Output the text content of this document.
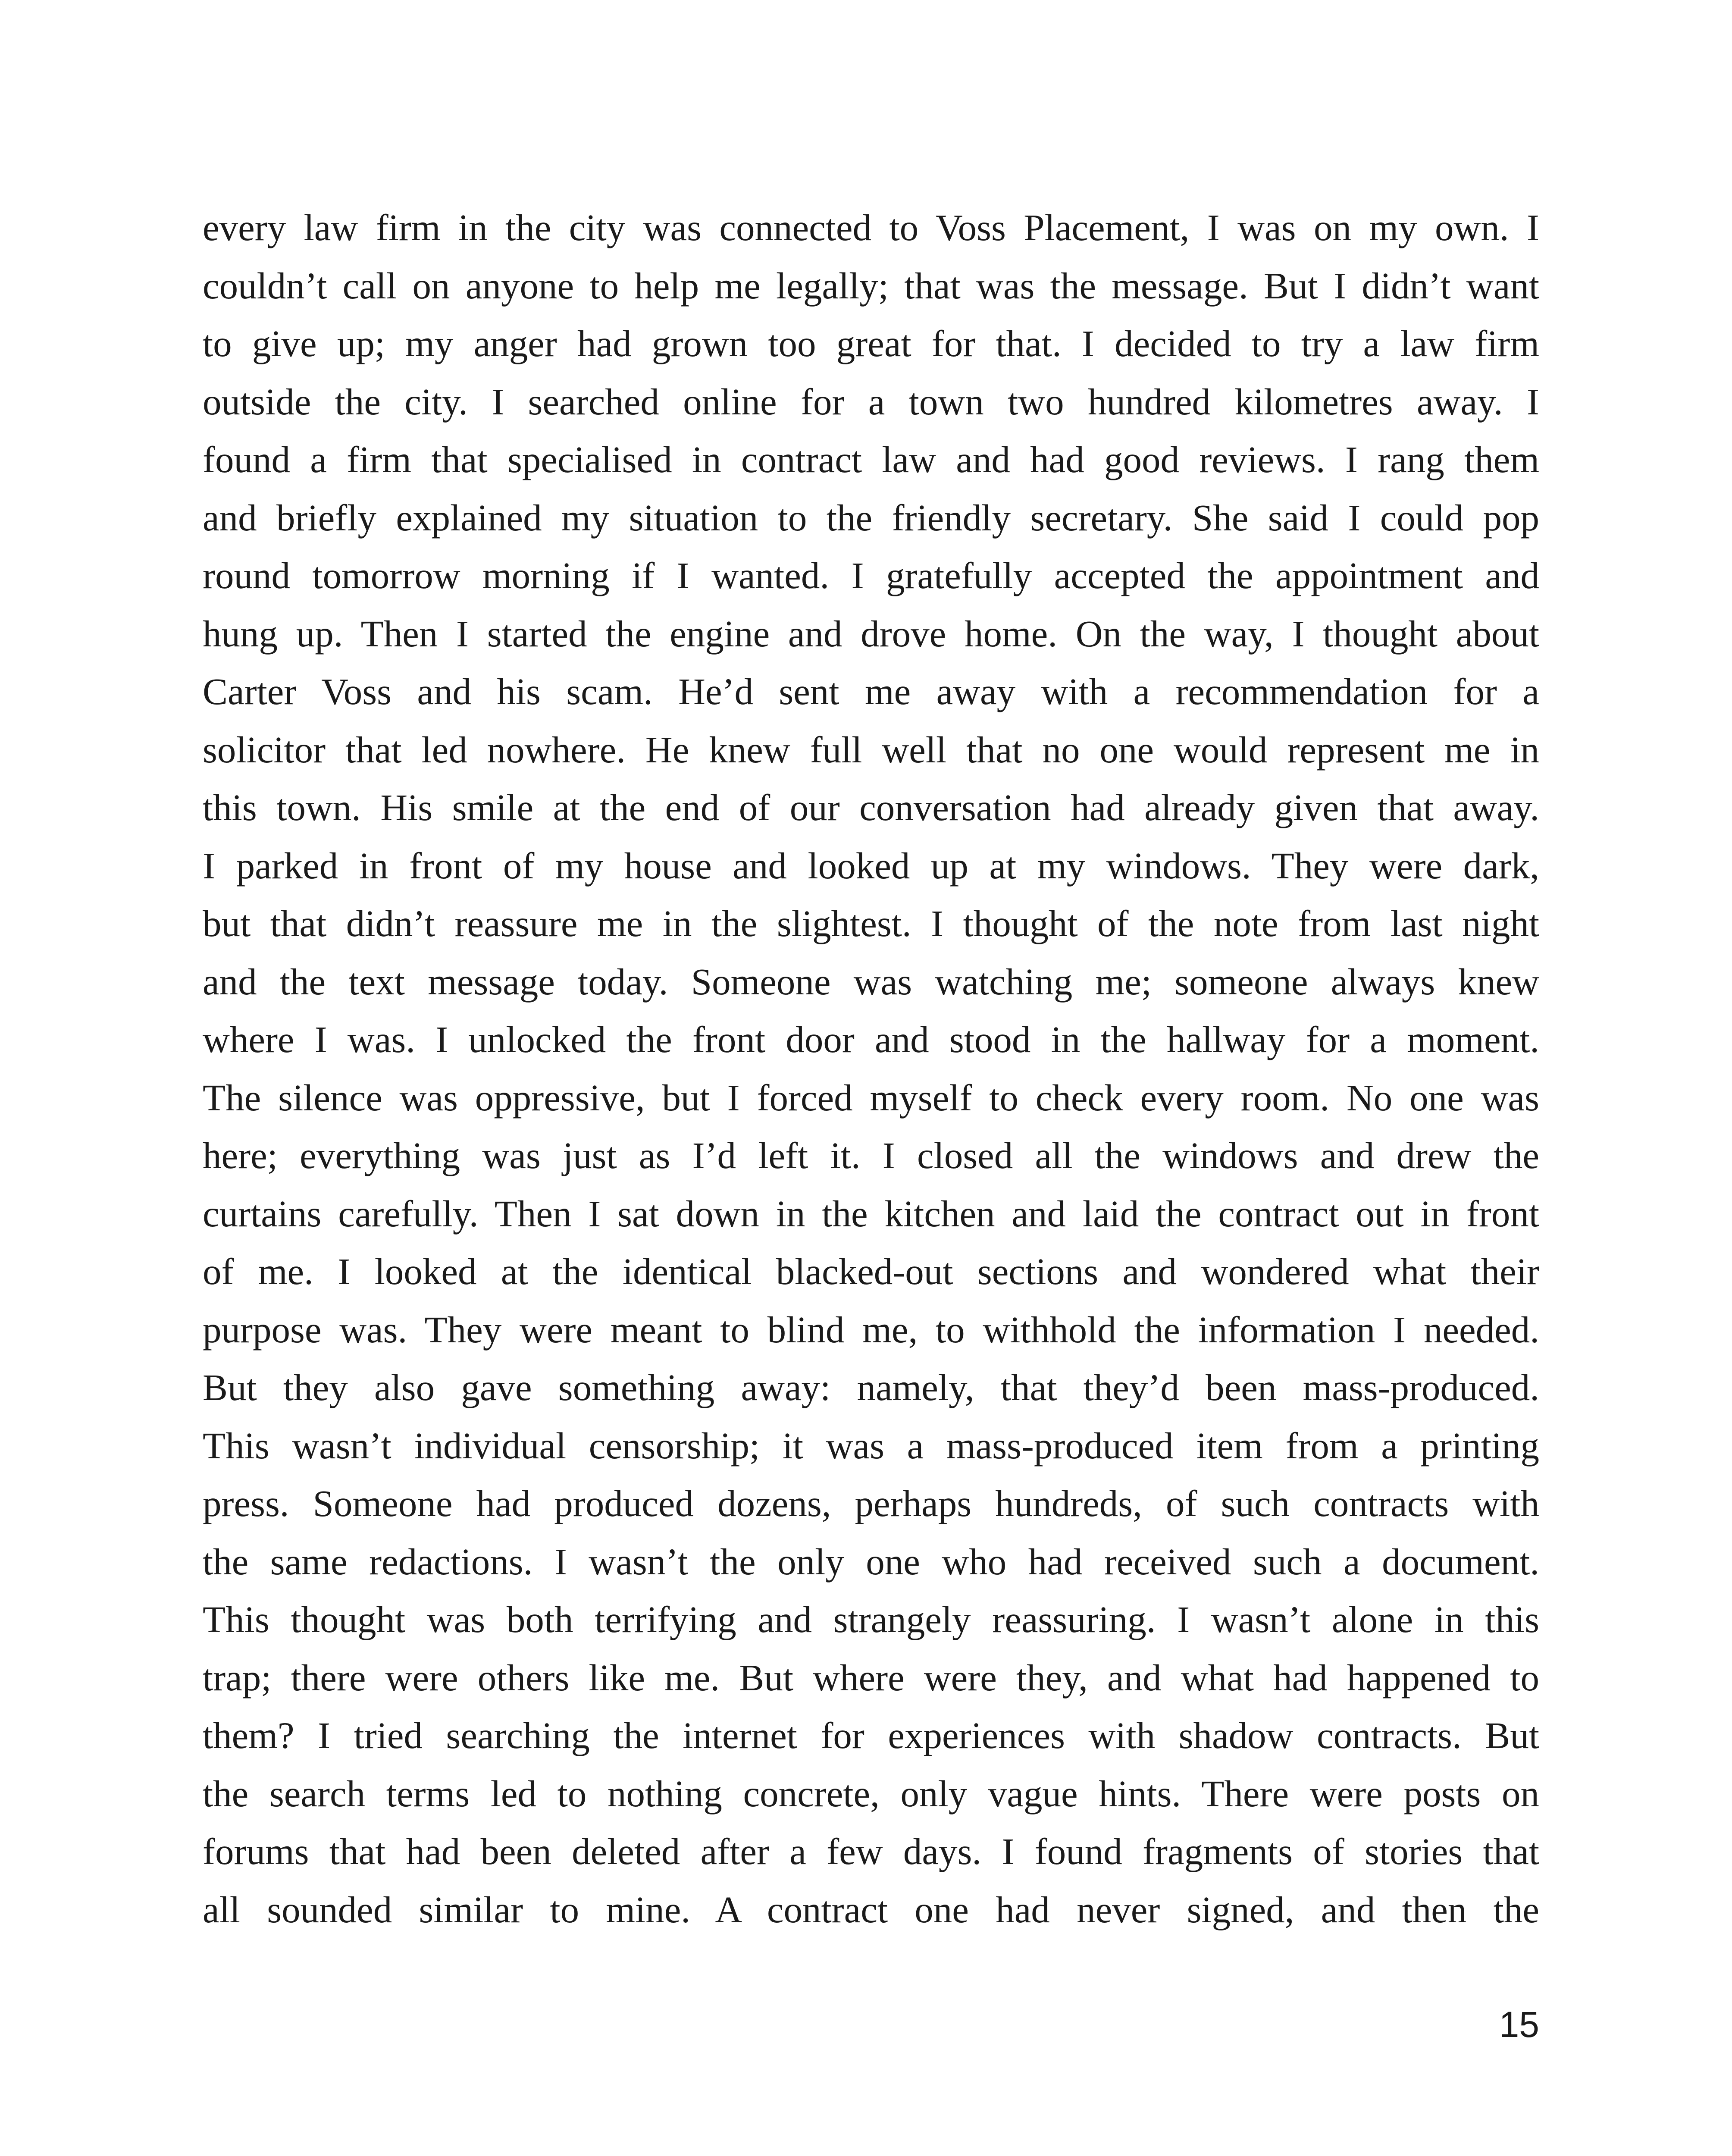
every law firm in the city was connected to Voss Placement, I was on my own. I
couldn’t call on anyone to help me legally; that was the message. But I didn’t want
to give up; my anger had grown too great for that. I decided to try a law firm
outside the city. I searched online for a town two hundred kilometres away. I
found a firm that specialised in contract law and had good reviews. I rang them
and briefly explained my situation to the friendly secretary. She said I could pop
round tomorrow morning if I wanted. I gratefully accepted the appointment and
hung up. Then I started the engine and drove home. On the way, I thought about
Carter Voss and his scam. He’d sent me away with a recommendation for a
solicitor that led nowhere. He knew full well that no one would represent me in
this town. His smile at the end of our conversation had already given that away.
I parked in front of my house and looked up at my windows. They were dark,
but that didn’t reassure me in the slightest. I thought of the note from last night
and the text message today. Someone was watching me; someone always knew
where I was. I unlocked the front door and stood in the hallway for a moment.
The silence was oppressive, but I forced myself to check every room. No one was
here; everything was just as I’d left it. I closed all the windows and drew the
curtains carefully. Then I sat down in the kitchen and laid the contract out in front
of me. I looked at the identical blacked-out sections and wondered what their
purpose was. They were meant to blind me, to withhold the information I needed.
But they also gave something away: namely, that they’d been mass-produced.
This wasn’t individual censorship; it was a mass-produced item from a printing
press. Someone had produced dozens, perhaps hundreds, of such contracts with
the same redactions. I wasn’t the only one who had received such a document.
This thought was both terrifying and strangely reassuring. I wasn’t alone in this
trap; there were others like me. But where were they, and what had happened to
them? I tried searching the internet for experiences with shadow contracts. But
the search terms led to nothing concrete, only vague hints. There were posts on
forums that had been deleted after a few days. I found fragments of stories that
all sounded similar to mine. A contract one had never signed, and then the
15
